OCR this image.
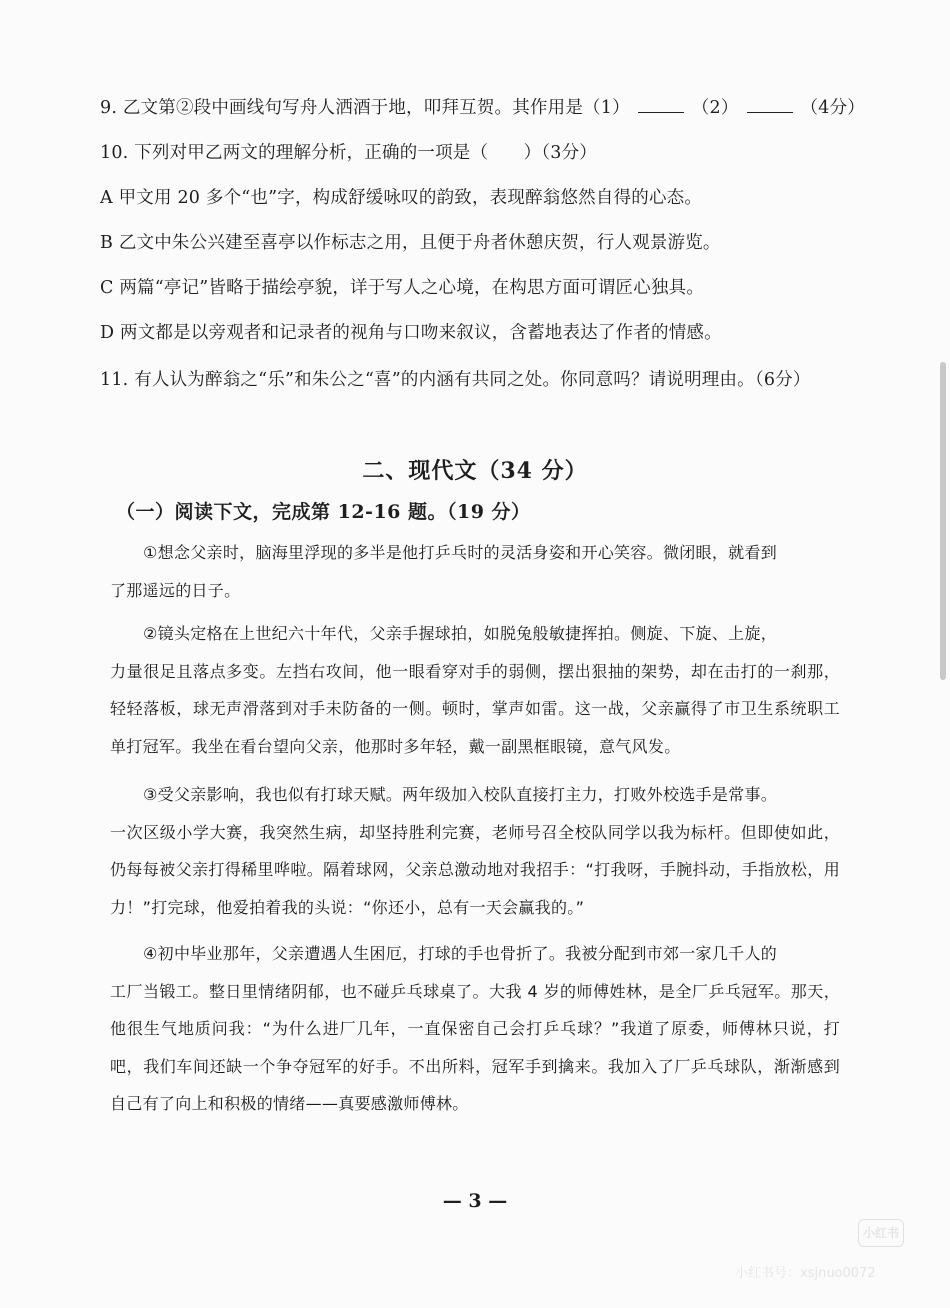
9. 乙文第②段中画线句写舟人洒酒于地，叩拜互贺。其作用是（1）	（2）	（4分）
10. 下列对甲乙两文的理解分析，正确的一项是（　　）（3分）
A 甲文用 20 多个“也”字，构成舒缓咏叹的韵致，表现醉翁悠然自得的心态。
B 乙文中朱公兴建至喜亭以作标志之用，且便于舟者休憩庆贺，行人观景游览。
C 两篇“亭记”皆略于描绘亭貌，详于写人之心境，在构思方面可谓匠心独具。
D 两文都是以旁观者和记录者的视角与口吻来叙议，含蓄地表达了作者的情感。
11. 有人认为醉翁之“乐”和朱公之“喜”的内涵有共同之处。你同意吗？请说明理由。（6分）
二、现代文（34 分）
（一）阅读下文，完成第 12-16 题。（19 分）
①想念父亲时，脑海里浮现的多半是他打乒乓时的灵活身姿和开心笑容。微闭眼，就看到
了那遥远的日子。
②镜头定格在上世纪六十年代，父亲手握球拍，如脱兔般敏捷挥拍。侧旋、下旋、上旋，
力量很足且落点多变。左挡右攻间，他一眼看穿对手的弱侧，摆出狠抽的架势，却在击打的一刹那，轻轻落板，球无声滑落到对手未防备的一侧。顿时，掌声如雷。这一战，父亲赢得了市卫生系统职工单打冠军。我坐在看台望向父亲，他那时多年轻，戴一副黑框眼镜，意气风发。
③受父亲影响，我也似有打球天赋。两年级加入校队直接打主力，打败外校选手是常事。
一次区级小学大赛，我突然生病，却坚持胜利完赛，老师号召全校队同学以我为标杆。但即使如此，仍每每被父亲打得稀里哗啦。隔着球网，父亲总激动地对我招手：“打我呀，手腕抖动，手指放松，用力！”打完球，他爱拍着我的头说：“你还小，总有一天会赢我的。”
④初中毕业那年，父亲遭遇人生困厄，打球的手也骨折了。我被分配到市郊一家几千人的
工厂当锻工。整日里情绪阴郁，也不碰乒乓球桌了。大我 4 岁的师傅姓林，是全厂乒乓冠军。那天，他很生气地质问我：“为什么进厂几年，一直保密自己会打乒乓球？”我道了原委，师傅林只说，打吧，我们车间还缺一个争夺冠军的好手。不出所料，冠军手到擒来。我加入了厂乒乓球队，渐渐感到自己有了向上和积极的情绪——真要感激师傅林。
— 3 —
小红书
小红书号：xsjnuo0072
